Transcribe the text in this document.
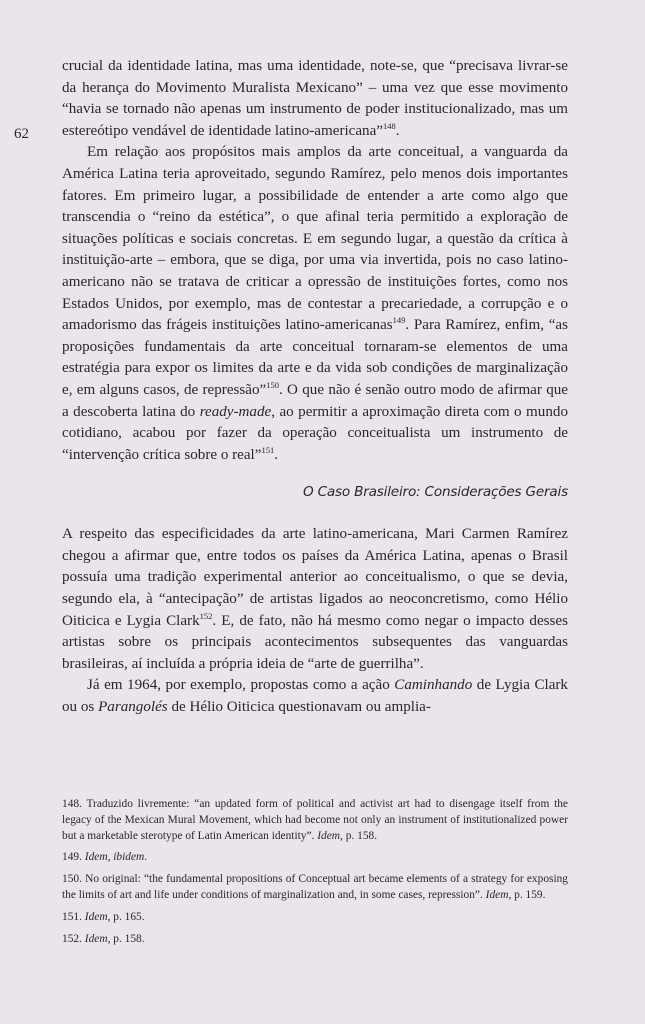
62

crucial da identidade latina, mas uma identidade, note-se, que “precisava livrar-se da herança do Movimento Muralista Mexicano” – uma vez que esse movimento “havia se tornado não apenas um instrumento de poder institucionalizado, mas um estereótipo vendável de identidade latino-americana”$^{148}$.

Em relação aos propósitos mais amplos da arte conceitual, a vanguarda da América Latina teria aproveitado, segundo Ramírez, pelo menos dois importantes fatores. Em primeiro lugar, a possibilidade de entender a arte como algo que transcendia o “reino da estética”, o que afinal teria permitido a exploração de situações políticas e sociais concretas. E em segundo lugar, a questão da crítica à instituição-arte – embora, que se diga, por uma via invertida, pois no caso latino-americano não se tratava de criticar a opressão de instituições fortes, como nos Estados Unidos, por exemplo, mas de contestar a precariedade, a corrupção e o amadorismo das frágeis instituições latino-americanas$^{149}$. Para Ramírez, enfim, “as proposições fundamentais da arte conceitual tornaram-se elementos de uma estratégia para expor os limites da arte e da vida sob condições de marginalização e, em alguns casos, de repressão”$^{150}$. O que não é senão outro modo de afirmar que a descoberta latina do ready-made, ao permitir a aproximação direta com o mundo cotidiano, acabou por fazer da operação conceitualista um instrumento de “intervenção crítica sobre o real”$^{151}$.

O Caso Brasileiro: Considerações Gerais

A respeito das especificidades da arte latino-americana, Mari Carmen Ramírez chegou a afirmar que, entre todos os países da América Latina, apenas o Brasil possuía uma tradição experimental anterior ao conceitualismo, o que se devia, segundo ela, à “antecipação” de artistas ligados ao neoconcretismo, como Hélio Oiticica e Lygia Clark$^{152}$. E, de fato, não há mesmo como negar o impacto desses artistas sobre os principais acontecimentos subsequentes das vanguardas brasileiras, aí incluída a própria ideia de “arte de guerrilha”.

Já em 1964, por exemplo, propostas como a ação Caminhando de Lygia Clark ou os Parangolés de Hélio Oiticica questionavam ou amplia-

148. Traduzido livremente: “an updated form of political and activist art had to disengage itself from the legacy of the Mexican Mural Movement, which had become not only an instrument of institutionalized power but a marketable sterotype of Latin American identity”. Idem, p. 158.

149. Idem, ibidem.

150. No original: “the fundamental propositions of Conceptual art became elements of a strategy for exposing the limits of art and life under conditions of marginalization and, in some cases, repression”. Idem, p. 159.

151. Idem, p. 165.

152. Idem, p. 158.
